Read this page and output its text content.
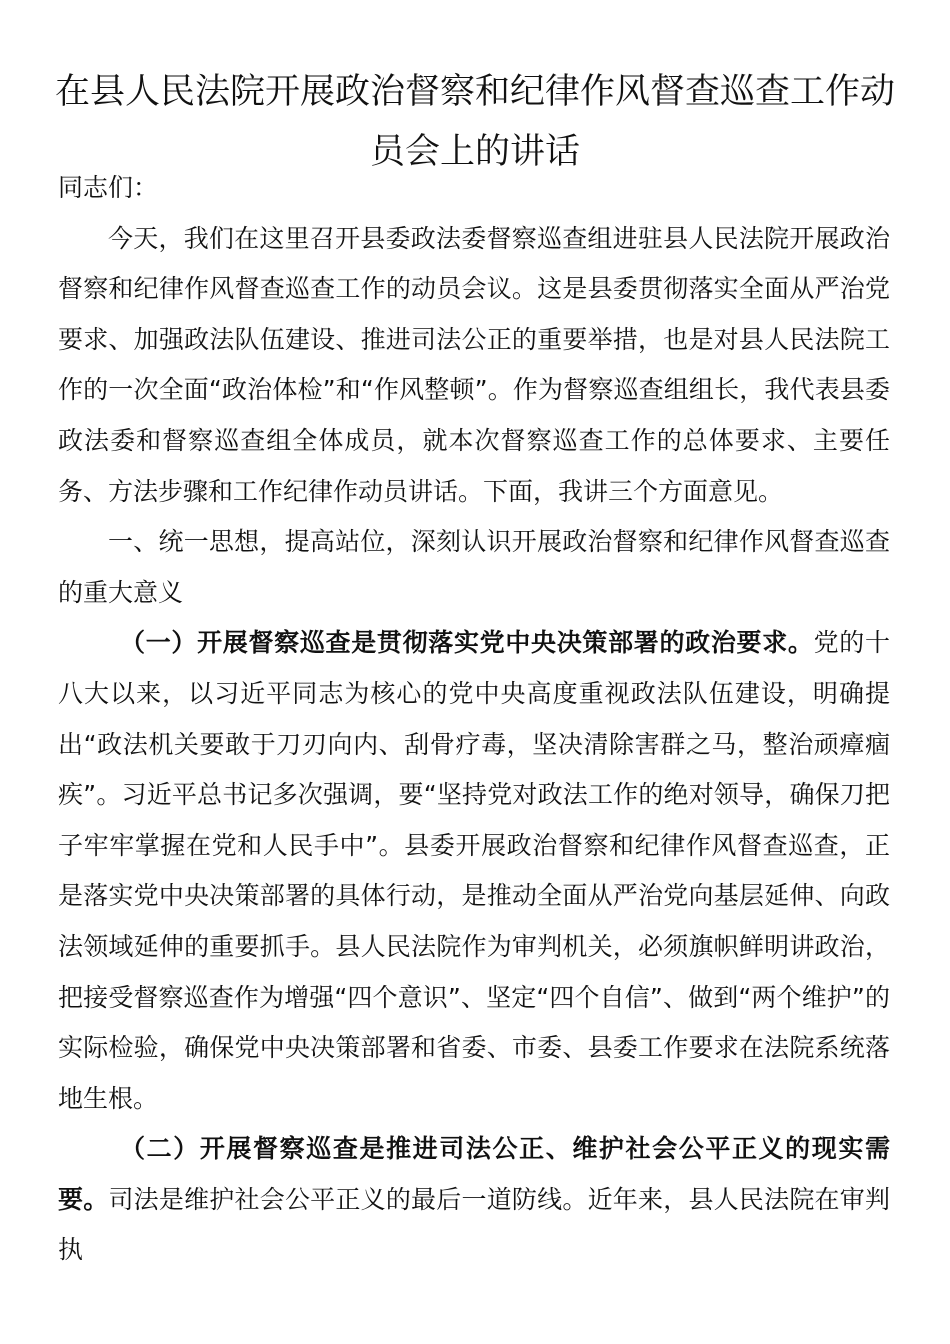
在县人民法院开展政治督察和纪律作风督查巡查工作动员会上的讲话

同志们：

今天，我们在这里召开县委政法委督察巡查组进驻县人民法院开展政治督察和纪律作风督查巡查工作的动员会议。这是县委贯彻落实全面从严治党要求、加强政法队伍建设、推进司法公正的重要举措，也是对县人民法院工作的一次全面“政治体检”和“作风整顿”。作为督察巡查组组长，我代表县委政法委和督察巡查组全体成员，就本次督察巡查工作的总体要求、主要任务、方法步骤和工作纪律作动员讲话。下面，我讲三个方面意见。

一、统一思想，提高站位，深刻认识开展政治督察和纪律作风督查巡查的重大意义

（一）开展督察巡查是贯彻落实党中央决策部署的政治要求。党的十八大以来，以习近平同志为核心的党中央高度重视政法队伍建设，明确提出“政法机关要敢于刀刃向内、刮骨疗毒，坚决清除害群之马，整治顽瘴痼疾”。习近平总书记多次强调，要“坚持党对政法工作的绝对领导，确保刀把子牢牢掌握在党和人民手中”。县委开展政治督察和纪律作风督查巡查，正是落实党中央决策部署的具体行动，是推动全面从严治党向基层延伸、向政法领域延伸的重要抓手。县人民法院作为审判机关，必须旗帜鲜明讲政治，把接受督察巡查作为增强“四个意识”、坚定“四个自信”、做到“两个维护”的实际检验，确保党中央决策部署和省委、市委、县委工作要求在法院系统落地生根。

（二）开展督察巡查是推进司法公正、维护社会公平正义的现实需要。司法是维护社会公平正义的最后一道防线。近年来，县人民法院在审判执
